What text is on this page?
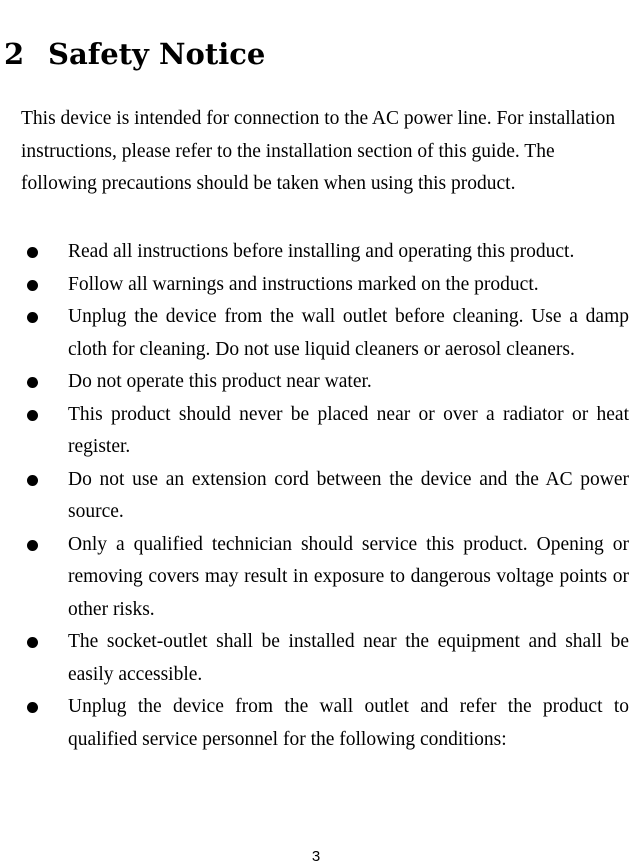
2 Safety Notice

This device is intended for connection to the AC power line. For installation instructions, please refer to the installation section of this guide. The following precautions should be taken when using this product.

Read all instructions before installing and operating this product.
Follow all warnings and instructions marked on the product.
Unplug the device from the wall outlet before cleaning. Use a damp cloth for cleaning. Do not use liquid cleaners or aerosol cleaners.
Do not operate this product near water.
This product should never be placed near or over a radiator or heat register.
Do not use an extension cord between the device and the AC power source.
Only a qualified technician should service this product. Opening or removing covers may result in exposure to dangerous voltage points or other risks.
The socket-outlet shall be installed near the equipment and shall be easily accessible.
Unplug the device from the wall outlet and refer the product to qualified service personnel for the following conditions:
3
